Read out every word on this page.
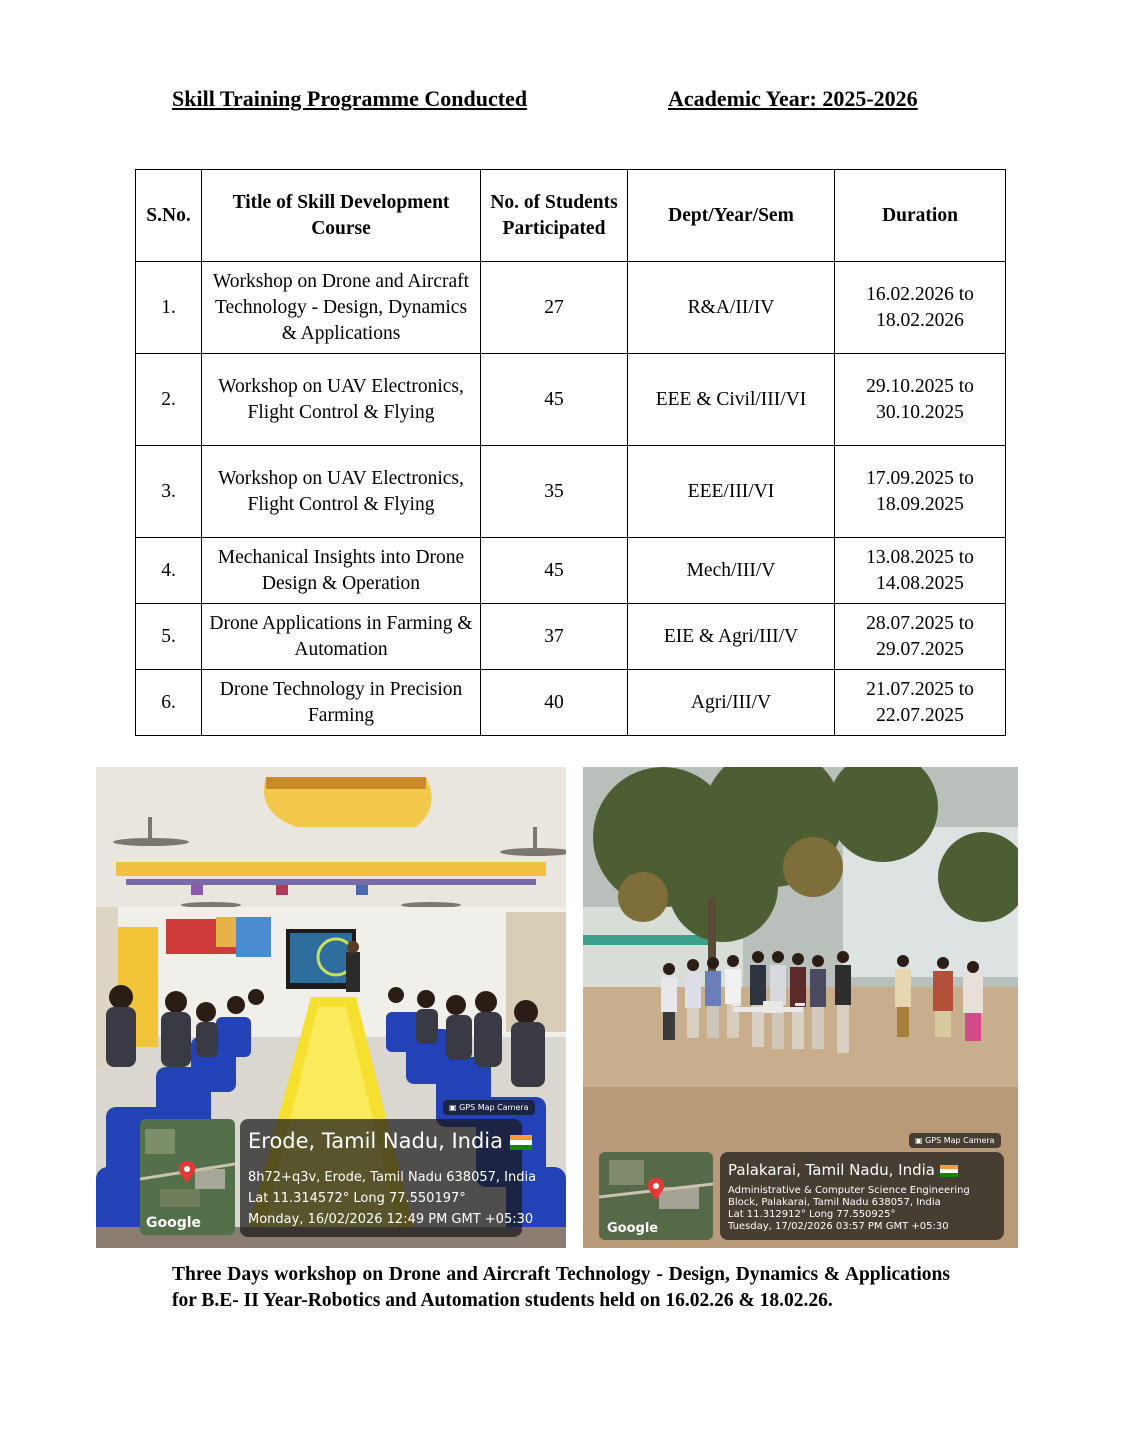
Skill Training Programme Conducted	Academic Year: 2025-2026
S.No.	Title of Skill Development Course	No. of Students Participated	Dept/Year/Sem	Duration
1.	Workshop on Drone and Aircraft Technology - Design, Dynamics & Applications	27	R&A/II/IV	16.02.2026 to 18.02.2026
2.	Workshop on UAV Electronics, Flight Control & Flying	45	EEE & Civil/III/VI	29.10.2025 to 30.10.2025
3.	Workshop on UAV Electronics, Flight Control & Flying	35	EEE/III/VI	17.09.2025 to 18.09.2025
4.	Mechanical Insights into Drone Design & Operation	45	Mech/III/V	13.08.2025 to 14.08.2025
5.	Drone Applications in Farming & Automation	37	EIE & Agri/III/V	28.07.2025 to 29.07.2025
6.	Drone Technology in Precision Farming	40	Agri/III/V	21.07.2025 to 22.07.2025
▣ GPS Map Camera
Google
Erode, Tamil Nadu, India
8h72+q3v, Erode, Tamil Nadu 638057, India
Lat 11.314572° Long 77.550197°
Monday, 16/02/2026 12:49 PM GMT +05:30
▣ GPS Map Camera
Google
Palakarai, Tamil Nadu, India
Administrative & Computer Science Engineering
Block, Palakarai, Tamil Nadu 638057, India
Lat 11.312912° Long 77.550925°
Tuesday, 17/02/2026 03:57 PM GMT +05:30
Three Days workshop on Drone and Aircraft Technology - Design, Dynamics & Applications for B.E- II Year-Robotics and Automation students held on 16.02.26 & 18.02.26.
